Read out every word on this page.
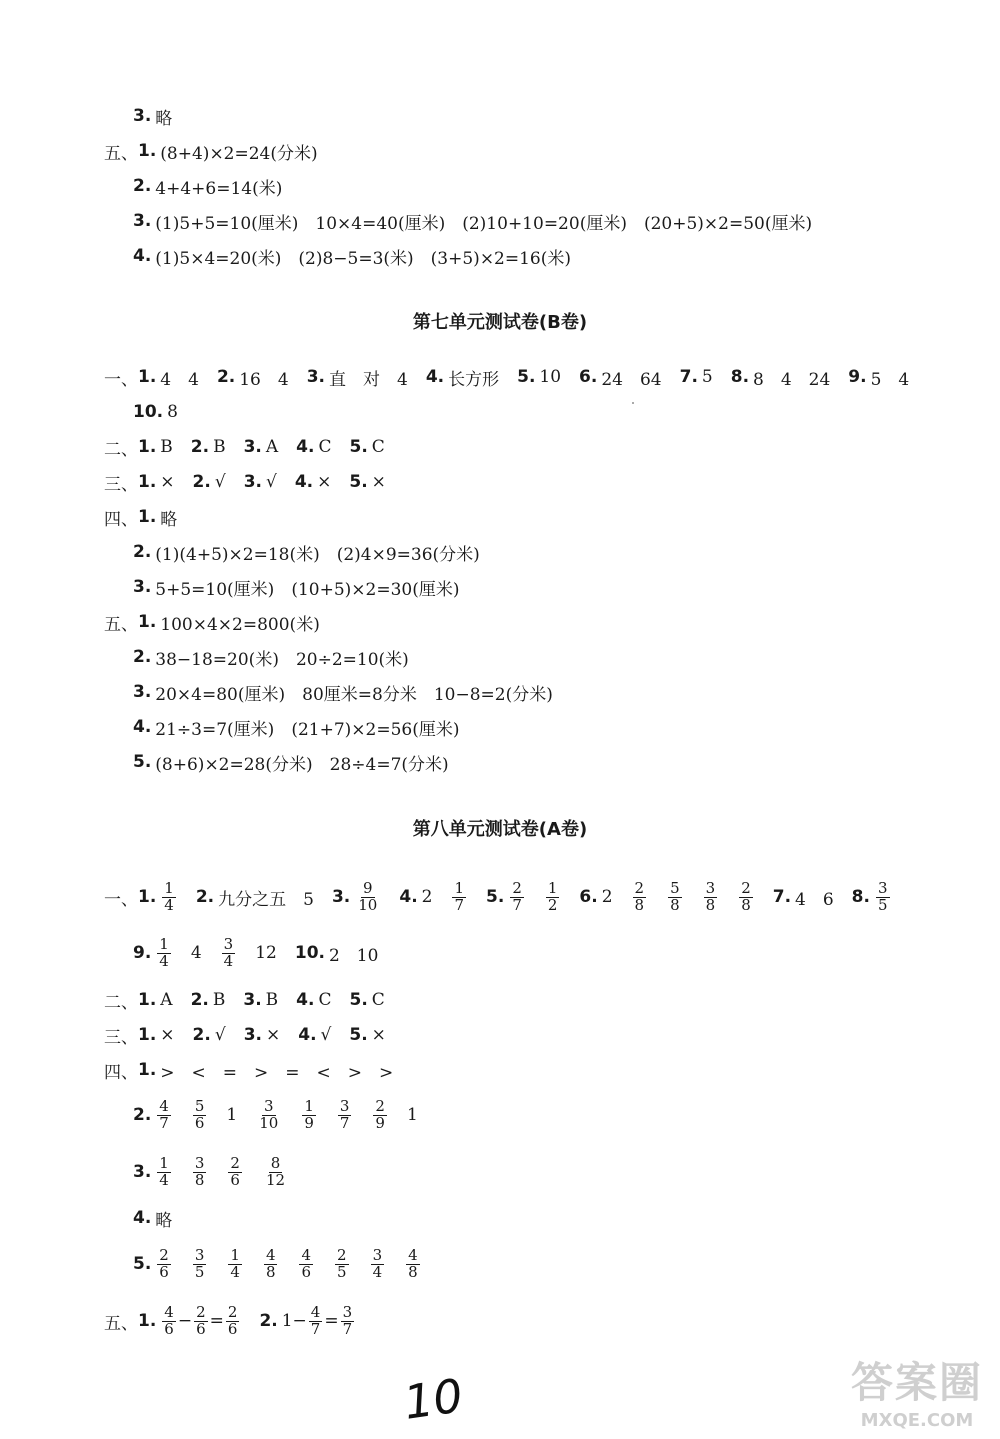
3. 略
五、 1. (8+4)×2=24(分米)
2. 4+4+6=14(米)
3. (1)5+5=10(厘米)　10×4=40(厘米)　(2)10+10=20(厘米)　(20+5)×2=50(厘米)
4. (1)5×4=20(米)　(2)8−5=3(米)　(3+5)×2=16(米)
第七单元测试卷(B卷)
一、 1. 4　4 2. 16　4 3. 直　对　4 4. 长方形 5. 10 6. 24　64 7. 5 8. 8　4　24 9. 5　4
10. 8
二、 1. B 2. B 3. A 4. C 5. C
三、 1. × 2. √ 3. √ 4. × 5. ×
四、 1. 略
2. (1)(4+5)×2=18(米)　(2)4×9=36(分米)
3. 5+5=10(厘米)　(10+5)×2=30(厘米)
五、 1. 100×4×2=800(米)
2. 38−18=20(米)　20÷2=10(米)
3. 20×4=80(厘米)　80厘米=8分米　10−8=2(分米)
4. 21÷3=7(厘米)　(21+7)×2=56(厘米)
5. (8+6)×2=28(分米)　28÷4=7(分米)
第八单元测试卷(A卷)
一、 1. $\frac{1}{4} 2$. 九分之五　5 3. $\frac{9}{10} 4$. $2 \frac{1}{7} 5$. $\frac{2}{7} \frac{1}{2} 6$. $2 \frac{2}{8} \frac{5}{8} \frac{3}{8} \frac{2}{8} 7$. 4　6 8. $\frac{3}{5}$
9. $\frac{1}{4} 4 \frac{3}{4} 12$ 10. 2　10
二、 1. A 2. B 3. B 4. C 5. C
三、 1. × 2. √ 3. × 4. √ 5. ×
四、 1. >　<　=　>　=　<　>　>
2. $\frac{4}{7} \frac{5}{6} 1 \frac{3}{10} \frac{1}{9} \frac{3}{7} \frac{2}{9} 1$
3. $\frac{1}{4} \frac{3}{8} \frac{2}{6} \frac{8}{12}$
4. 略
5. $\frac{2}{6} \frac{3}{5} \frac{1}{4} \frac{4}{8} \frac{4}{6} \frac{2}{5} \frac{3}{4} \frac{4}{8}$
五、 1. $\frac{4}{6} - \frac{2}{6} = \frac{2}{6} 2$. $1- \frac{4}{7} = \frac{3}{7}$
10	答案圈
MXQE.COM
